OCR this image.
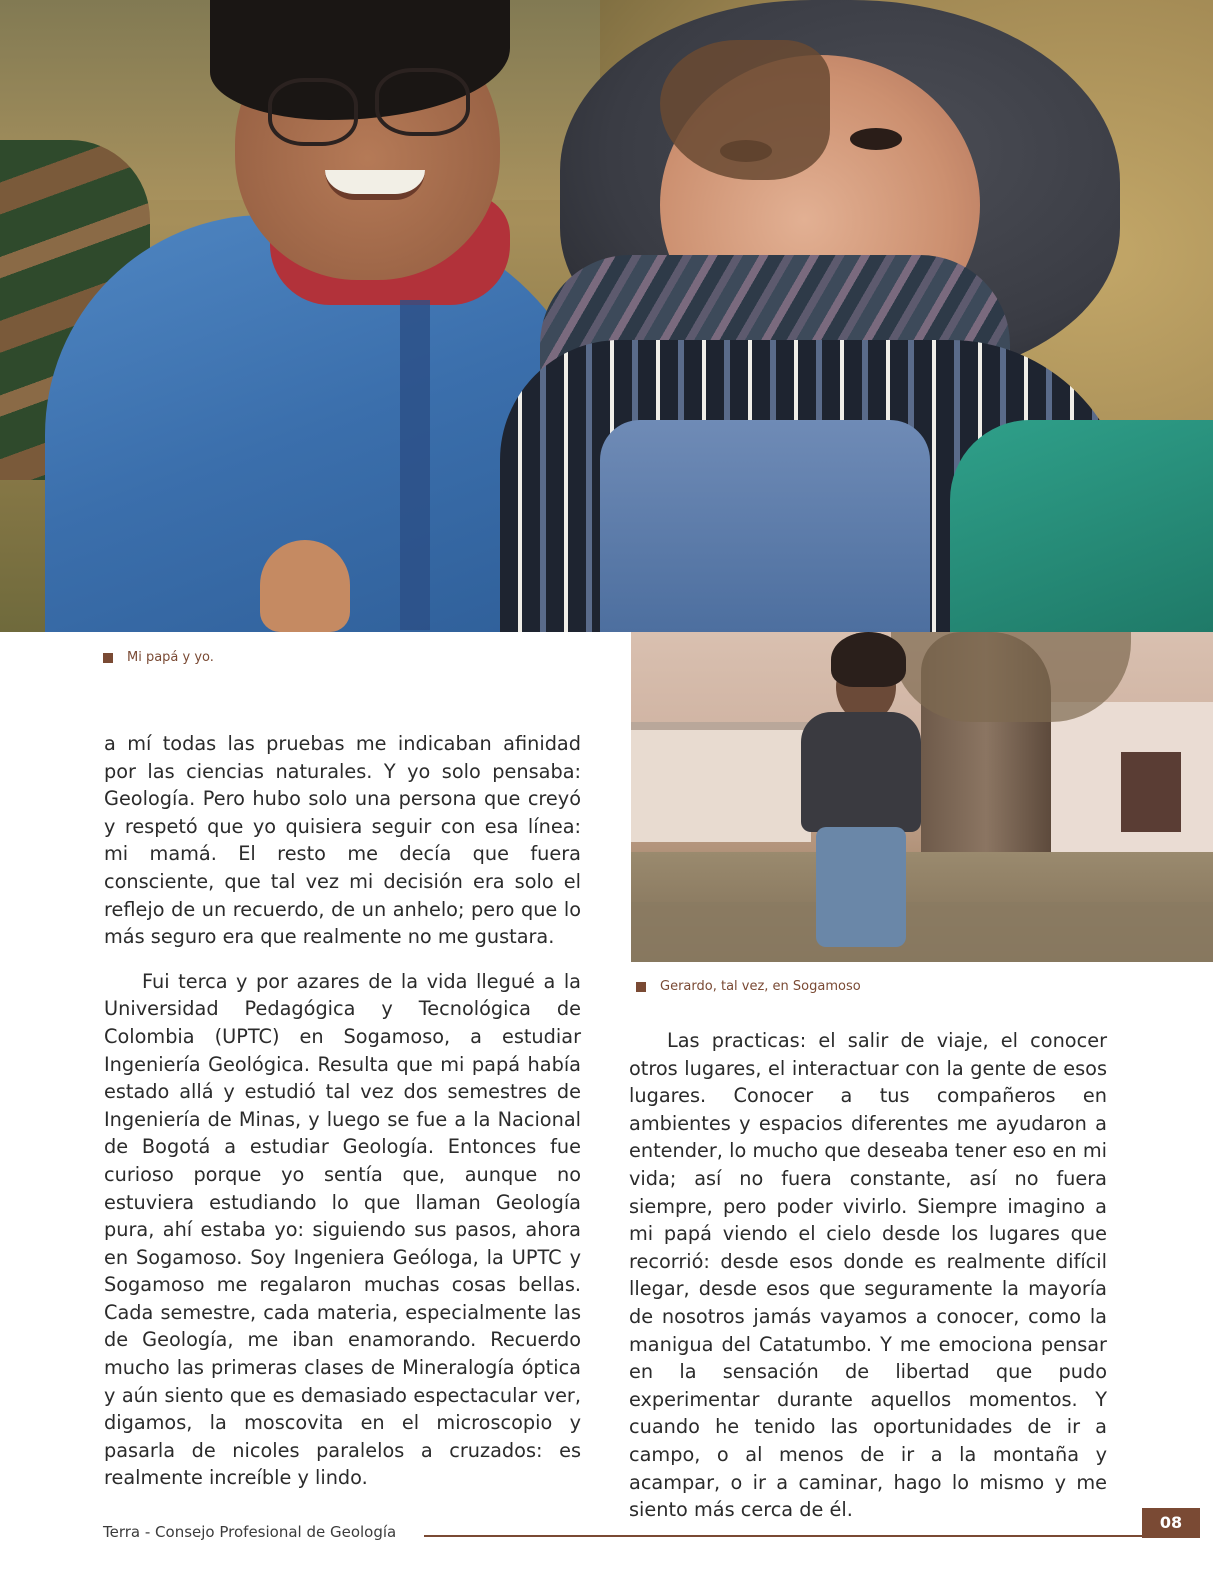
Mi papá y yo.
Gerardo, tal vez, en Sogamoso

a mí todas las pruebas me indicaban afinidad por las ciencias naturales. Y yo solo pensaba: Geología. Pero hubo solo una persona que creyó y respetó que yo quisiera seguir con esa línea: mi mamá. El resto me decía que fuera consciente, que tal vez mi decisión era solo el reflejo de un recuerdo, de un anhelo; pero que lo más seguro era que realmente no me gustara.

Fui terca y por azares de la vida llegué a la Universidad Pedagógica y Tecnológica de Colombia (UPTC) en Sogamoso, a estudiar Ingeniería Geológica. Resulta que mi papá había estado allá y estudió tal vez dos semestres de Ingeniería de Minas, y luego se fue a la Nacional de Bogotá a estudiar Geología. Entonces fue curioso porque yo sentía que, aunque no estuviera estudiando lo que llaman Geología pura, ahí estaba yo: siguiendo sus pasos, ahora en Sogamoso. Soy Ingeniera Geóloga, la UPTC y Sogamoso me regalaron muchas cosas bellas. Cada semestre, cada materia, especialmente las de Geología, me iban enamorando. Recuerdo mucho las primeras clases de Mineralogía óptica y aún siento que es demasiado espectacular ver, digamos, la moscovita en el microscopio y pasarla de nicoles paralelos a cruzados: es realmente increíble y lindo.

Las practicas: el salir de viaje, el conocer otros lugares, el interactuar con la gente de esos lugares. Conocer a tus compañeros en ambientes y espacios diferentes me ayudaron a entender, lo mucho que deseaba tener eso en mi vida; así no fuera constante, así no fuera siempre, pero poder vivirlo. Siempre imagino a mi papá viendo el cielo desde los lugares que recorrió: desde esos donde es realmente difícil llegar, desde esos que seguramente la mayoría de nosotros jamás vayamos a conocer, como la manigua del Catatumbo. Y me emociona pensar en la sensación de libertad que pudo experimentar durante aquellos momentos. Y cuando he tenido las oportunidades de ir a campo, o al menos de ir a la montaña y acampar, o ir a caminar, hago lo mismo y me siento más cerca de él.

Terra - Consejo Profesional de Geología	08
